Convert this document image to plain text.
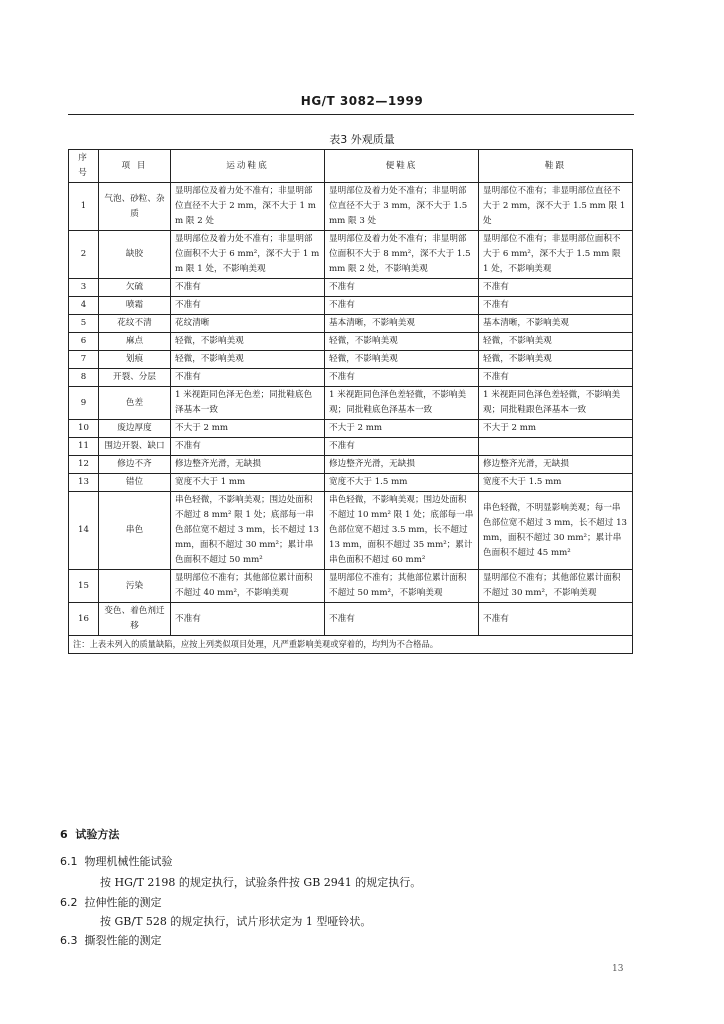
HG/T 3082—1999
表3 外观质量
序号	项 目	运动鞋底	便鞋底	鞋跟
1	气泡、砂粒、杂质	显明部位及着力处不准有；非显明部位直径不大于 2 mm，深不大于 1 mm 限 2 处	显明部位及着力处不准有；非显明部位直径不大于 3 mm，深不大于 1.5 mm 限 3 处	显明部位不准有；非显明部位直径不大于 2 mm，深不大于 1.5 mm 限 1 处
2	缺胶	显明部位及着力处不准有；非显明部位面积不大于 6 mm²，深不大于 1 mm 限 1 处，不影响美观	显明部位及着力处不准有；非显明部位面积不大于 8 mm²，深不大于 1.5 mm 限 2 处，不影响美观	显明部位不准有；非显明部位面积不大于 6 mm²，深不大于 1.5 mm 限 1 处，不影响美观
3	欠硫	不准有	不准有	不准有
4	喷霜	不准有	不准有	不准有
5	花纹不清	花纹清晰	基本清晰，不影响美观	基本清晰，不影响美观
6	麻点	轻微，不影响美观	轻微，不影响美观	轻微，不影响美观
7	划痕	轻微，不影响美观	轻微，不影响美观	轻微，不影响美观
8	开裂、分层	不准有	不准有	不准有
9	色差	1 米视距同色泽无色差；同批鞋底色泽基本一致	1 米视距同色泽色差轻微，不影响美观；同批鞋底色泽基本一致	1 米视距同色泽色差轻微，不影响美观；同批鞋跟色泽基本一致
10	废边厚度	不大于 2 mm	不大于 2 mm	不大于 2 mm
11	围边开裂、缺口	不准有	不准有	
12	修边不齐	修边整齐光滑，无缺损	修边整齐光滑，无缺损	修边整齐光滑，无缺损
13	错位	宽度不大于 1 mm	宽度不大于 1.5 mm	宽度不大于 1.5 mm
14	串色	串色轻微，不影响美观；围边处面积不超过 8 mm² 限 1 处；底部每一串色部位宽不超过 3 mm，长不超过 13 mm，面积不超过 30 mm²；累计串色面积不超过 50 mm²	串色轻微，不影响美观；围边处面积不超过 10 mm² 限 1 处；底部每一串色部位宽不超过 3.5 mm，长不超过 13 mm，面积不超过 35 mm²；累计串色面积不超过 60 mm²	串色轻微，不明显影响美观；每一串色部位宽不超过 3 mm，长不超过 13 mm，面积不超过 30 mm²；累计串色面积不超过 45 mm²
15	污染	显明部位不准有；其他部位累计面积不超过 40 mm²，不影响美观	显明部位不准有；其他部位累计面积不超过 50 mm²，不影响美观	显明部位不准有；其他部位累计面积不超过 30 mm²，不影响美观
16	变色、着色剂迁移	不准有	不准有	不准有
注：上表未列入的质量缺陷，应按上列类似项目处理，凡严重影响美观或穿着的，均判为不合格品。				
6 试验方法
6.1 物理机械性能试验
按 HG/T 2198 的规定执行，试验条件按 GB 2941 的规定执行。
6.2 拉伸性能的测定
按 GB/T 528 的规定执行，试片形状定为 1 型哑铃状。
6.3 撕裂性能的测定
13
